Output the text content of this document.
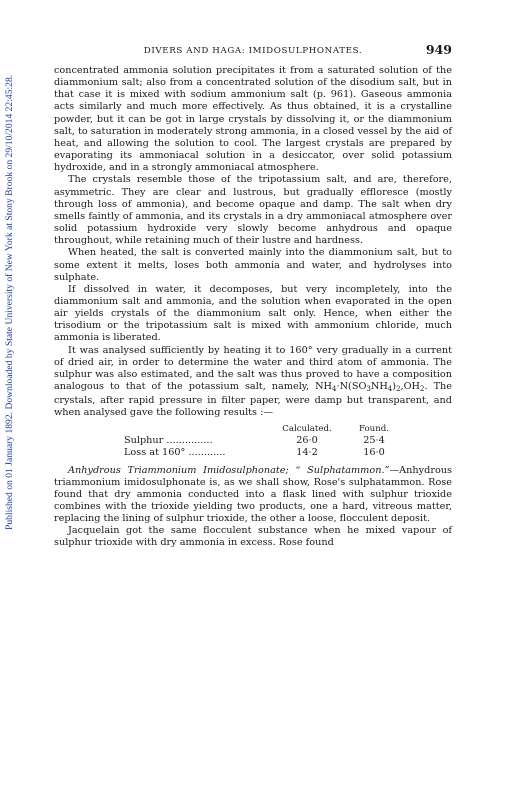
Published on 01 January 1892. Downloaded by State University of New York at Stony Brook on 29/10/2014 22:45:28.
DIVERS AND HAGA: IMIDOSULPHONATES.	949

concentrated ammonia solution precipitates it from a saturated solution of the diammonium salt; also from a concentrated solution of the disodium salt, but in that case it is mixed with sodium ammonium salt (p. 961). Gaseous ammonia acts similarly and much more effectively. As thus obtained, it is a crystalline powder, but it can be got in large crystals by dissolving it, or the diammonium salt, to saturation in moderately strong ammonia, in a closed vessel by the aid of heat, and allowing the solution to cool. The largest crystals are prepared by evaporating its ammoniacal solution in a desiccator, over solid potassium hydroxide, and in a strongly ammoniacal atmosphere.

The crystals resemble those of the tripotassium salt, and are, therefore, asymmetric. They are clear and lustrous, but gradually effloresce (mostly through loss of ammonia), and become opaque and damp. The salt when dry smells faintly of ammonia, and its crystals in a dry ammoniacal atmosphere over solid potassium hydroxide very slowly become anhydrous and opaque throughout, while retaining much of their lustre and hardness.

When heated, the salt is converted mainly into the diammonium salt, but to some extent it melts, loses both ammonia and water, and hydrolyses into sulphate.

If dissolved in water, it decomposes, but very incompletely, into the diammonium salt and ammonia, and the solution when evaporated in the open air yields crystals of the diammonium salt only. Hence, when either the trisodium or the tripotassium salt is mixed with ammonium chloride, much ammonia is liberated.

It was analysed sufficiently by heating it to 160° very gradually in a current of dried air, in order to determine the water and third atom of ammonia. The sulphur was also estimated, and the salt was thus proved to have a composition analogous to that of the potassium salt, namely, $NH_4\cdot N(SO_3NH_4)_2,OH_2$. The crystals, after rapid pressure in filter paper, were damp but transparent, and when analysed gave the following results :—

	Calculated.	Found.
Sulphur ...............	26·0	25·4
Loss at 160° ............	14·2	16·0

Anhydrous Triammonium Imidosulphonate; “ Sulphatammon.”—Anhydrous triammonium imidosulphonate is, as we shall show, Rose's sulphatammon. Rose found that dry ammonia conducted into a flask lined with sulphur trioxide combines with the trioxide yielding two products, one a hard, vitreous matter, replacing the lining of sulphur trioxide, the other a loose, flocculent deposit.

Jacquelain got the same flocculent substance when he mixed vapour of sulphur trioxide with dry ammonia in excess. Rose found
